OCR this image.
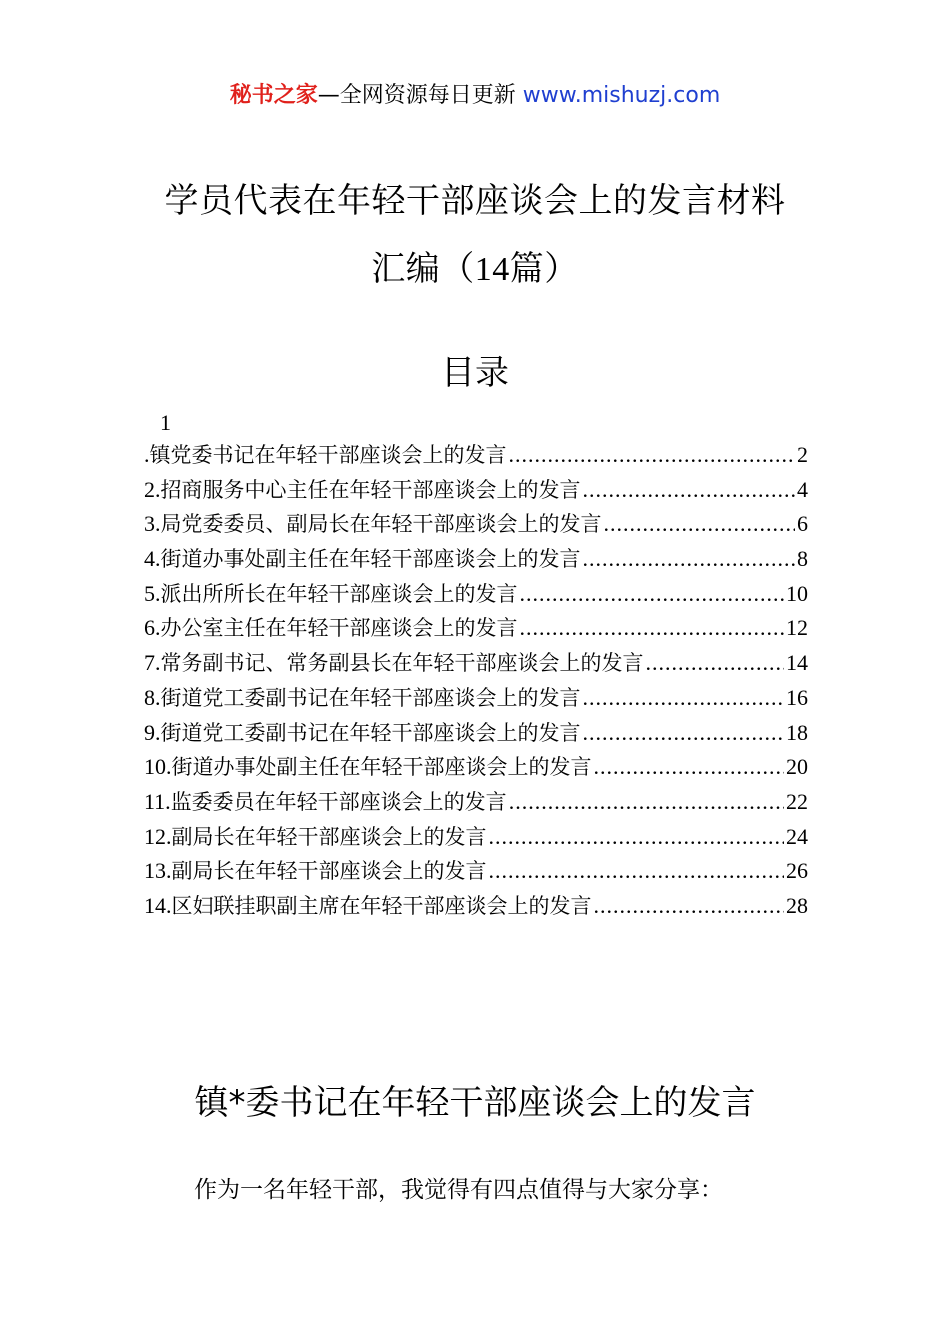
秘书之家—全网资源每日更新 www.mishuzj.com
学员代表在年轻干部座谈会上的发言材料
汇编（14篇）
目录
1
.镇党委书记在年轻干部座谈会上的发言 .....	2
2.招商服务中心主任在年轻干部座谈会上的发言 .....	4
3.局党委委员、副局长在年轻干部座谈会上的发言 .....	6
4.街道办事处副主任在年轻干部座谈会上的发言 .....	8
5.派出所所长在年轻干部座谈会上的发言 .....	10
6.办公室主任在年轻干部座谈会上的发言 .....	12
7.常务副书记、常务副县长在年轻干部座谈会上的发言 .....	14
8.街道党工委副书记在年轻干部座谈会上的发言 .....	16
9.街道党工委副书记在年轻干部座谈会上的发言 .....	18
10.街道办事处副主任在年轻干部座谈会上的发言 .....	20
11.监委委员在年轻干部座谈会上的发言 .....	22
12.副局长在年轻干部座谈会上的发言 .....	24
13.副局长在年轻干部座谈会上的发言 .....	26
14.区妇联挂职副主席在年轻干部座谈会上的发言 .....	28
镇*委书记在年轻干部座谈会上的发言
作为一名年轻干部，我觉得有四点值得与大家分享：
